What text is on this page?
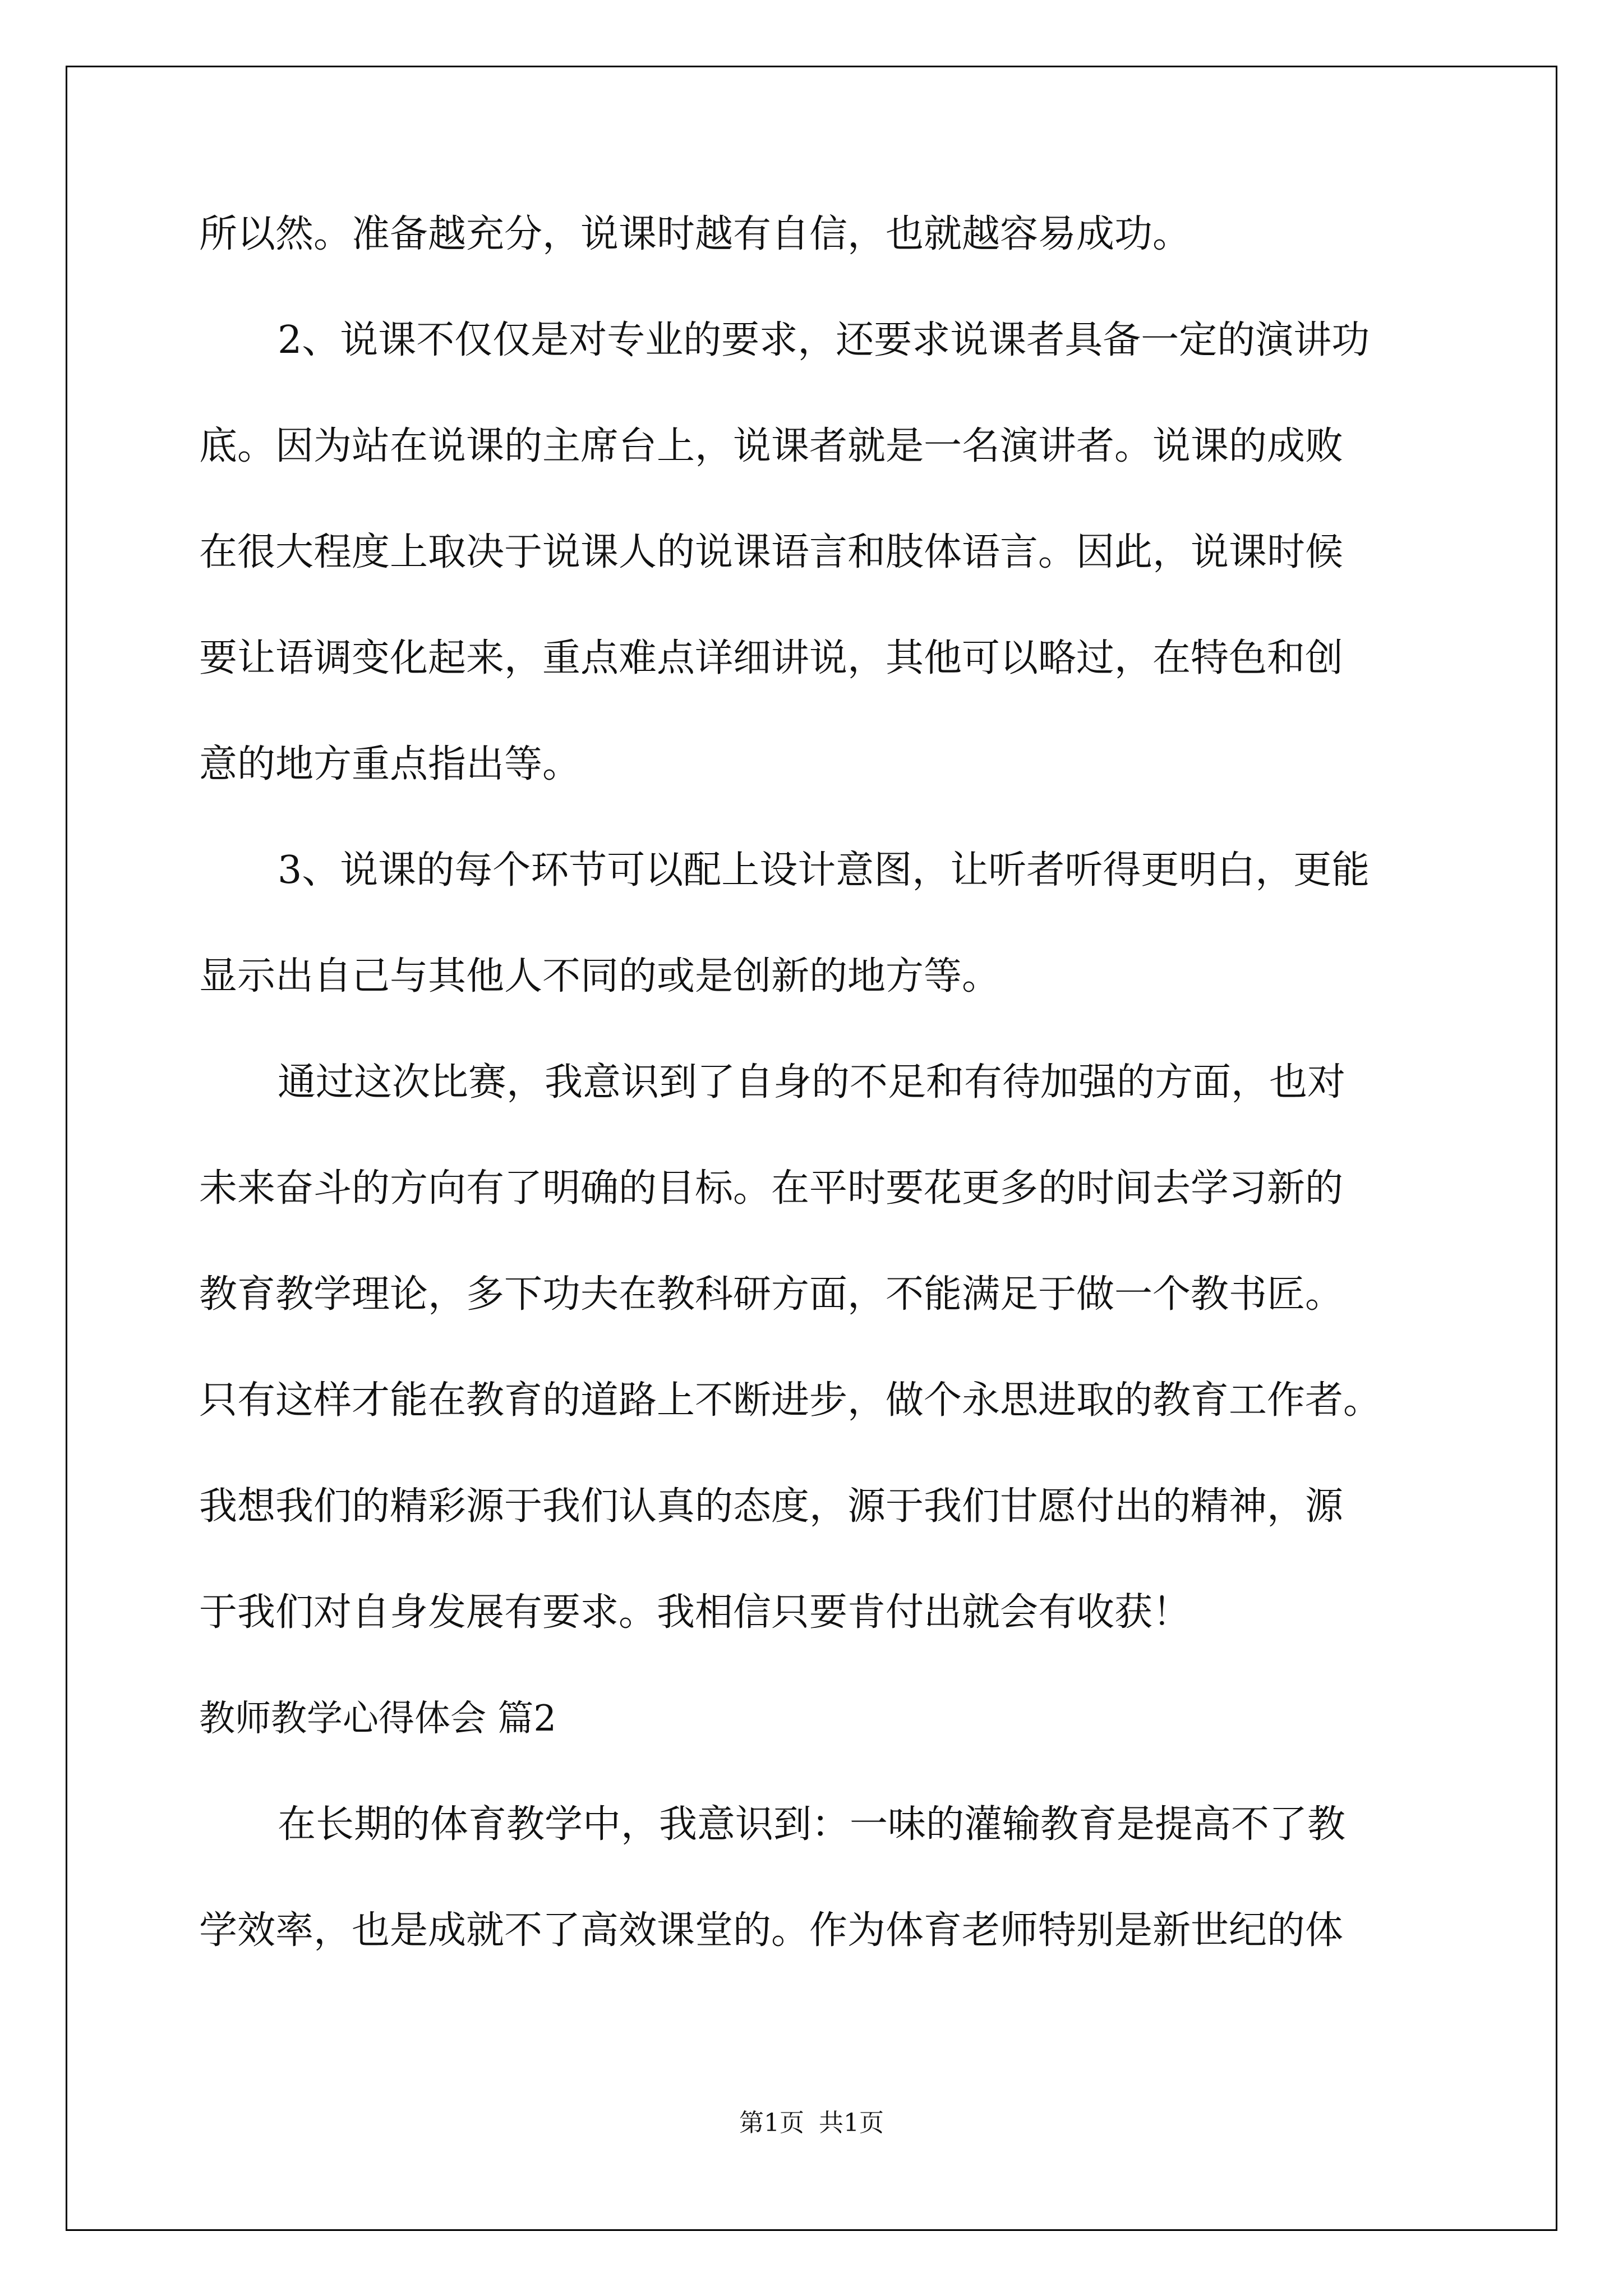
所以然。准备越充分，说课时越有自信，也就越容易成功。
2、说课不仅仅是对专业的要求，还要求说课者具备一定的演讲功
底。因为站在说课的主席台上，说课者就是一名演讲者。说课的成败
在很大程度上取决于说课人的说课语言和肢体语言。因此，说课时候
要让语调变化起来，重点难点详细讲说，其他可以略过，在特色和创
意的地方重点指出等。
3、说课的每个环节可以配上设计意图，让听者听得更明白，更能
显示出自己与其他人不同的或是创新的地方等。
通过这次比赛，我意识到了自身的不足和有待加强的方面，也对
未来奋斗的方向有了明确的目标。在平时要花更多的时间去学习新的
教育教学理论，多下功夫在教科研方面，不能满足于做一个教书匠。
只有这样才能在教育的道路上不断进步，做个永思进取的教育工作者。
我想我们的精彩源于我们认真的态度，源于我们甘愿付出的精神，源
于我们对自身发展有要求。我相信只要肯付出就会有收获！
教师教学心得体会 篇2
在长期的体育教学中，我意识到：一味的灌输教育是提高不了教
学效率，也是成就不了高效课堂的。作为体育老师特别是新世纪的体
第1页 共1页
